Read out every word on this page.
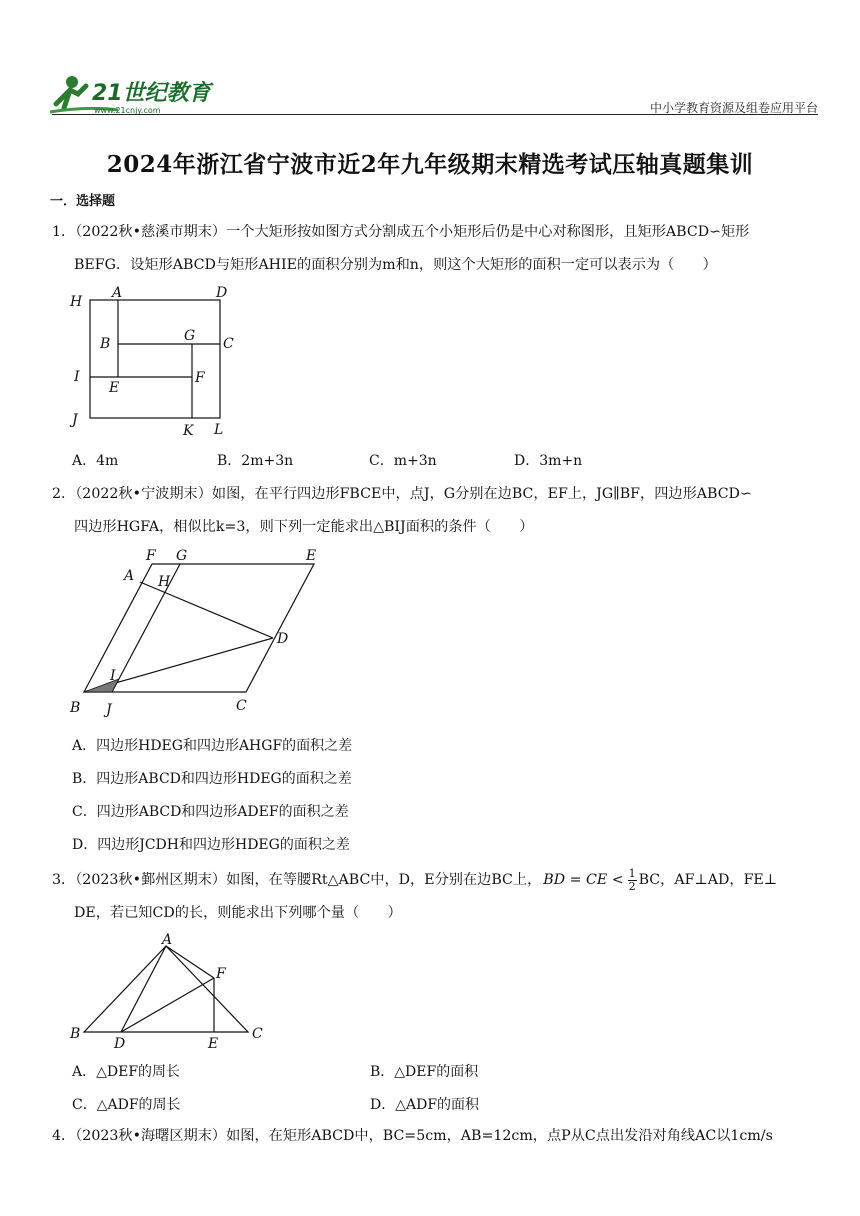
21世纪教育
www.21cnjy.com	中小学教育资源及组卷应用平台
2024年浙江省宁波市近2年九年级期末精选考试压轴真题集训
一．选择题
1．（2022秋•慈溪市期末）一个大矩形按如图方式分割成五个小矩形后仍是中心对称图形，且矩形ABCD∽矩形
BEFG．设矩形ABCD与矩形AHIE的面积分别为m和n，则这个大矩形的面积一定可以表示为（　　）
H
A	D
B	G C
I
E
F
J
K L
A．4m	B．2m+3n	C．m+3n	D．3m+n
2．（2022秋•宁波期末）如图，在平行四边形FBCE中，点J，G分别在边BC，EF上，JG∥BF，四边形ABCD∽
四边形HGFA，相似比k=3，则下列一定能求出△BIJ面积的条件（　　）
F G	E
A H
D
I
B J	C
A．四边形HDEG和四边形AHGF的面积之差
B．四边形ABCD和四边形HDEG的面积之差
C．四边形ABCD和四边形ADEF的面积之差
D．四边形JCDH和四边形HDEG的面积之差
3．（2023秋•鄞州区期末）如图，在等腰Rt△ABC中，D，E分别在边BC上， BD = CE < $\frac{1}{2}$ BC，AF⊥AD，FE⊥
DE，若已知CD的长，则能求出下列哪个量（　　）
A
F
B
D	E
C
A．△DEF的周长	B．△DEF的面积
C．△ADF的周长	D．△ADF的面积
4．（2023秋•海曙区期末）如图，在矩形ABCD中，BC=5cm，AB=12cm，点P从C点出发沿对角线AC以1cm/s
